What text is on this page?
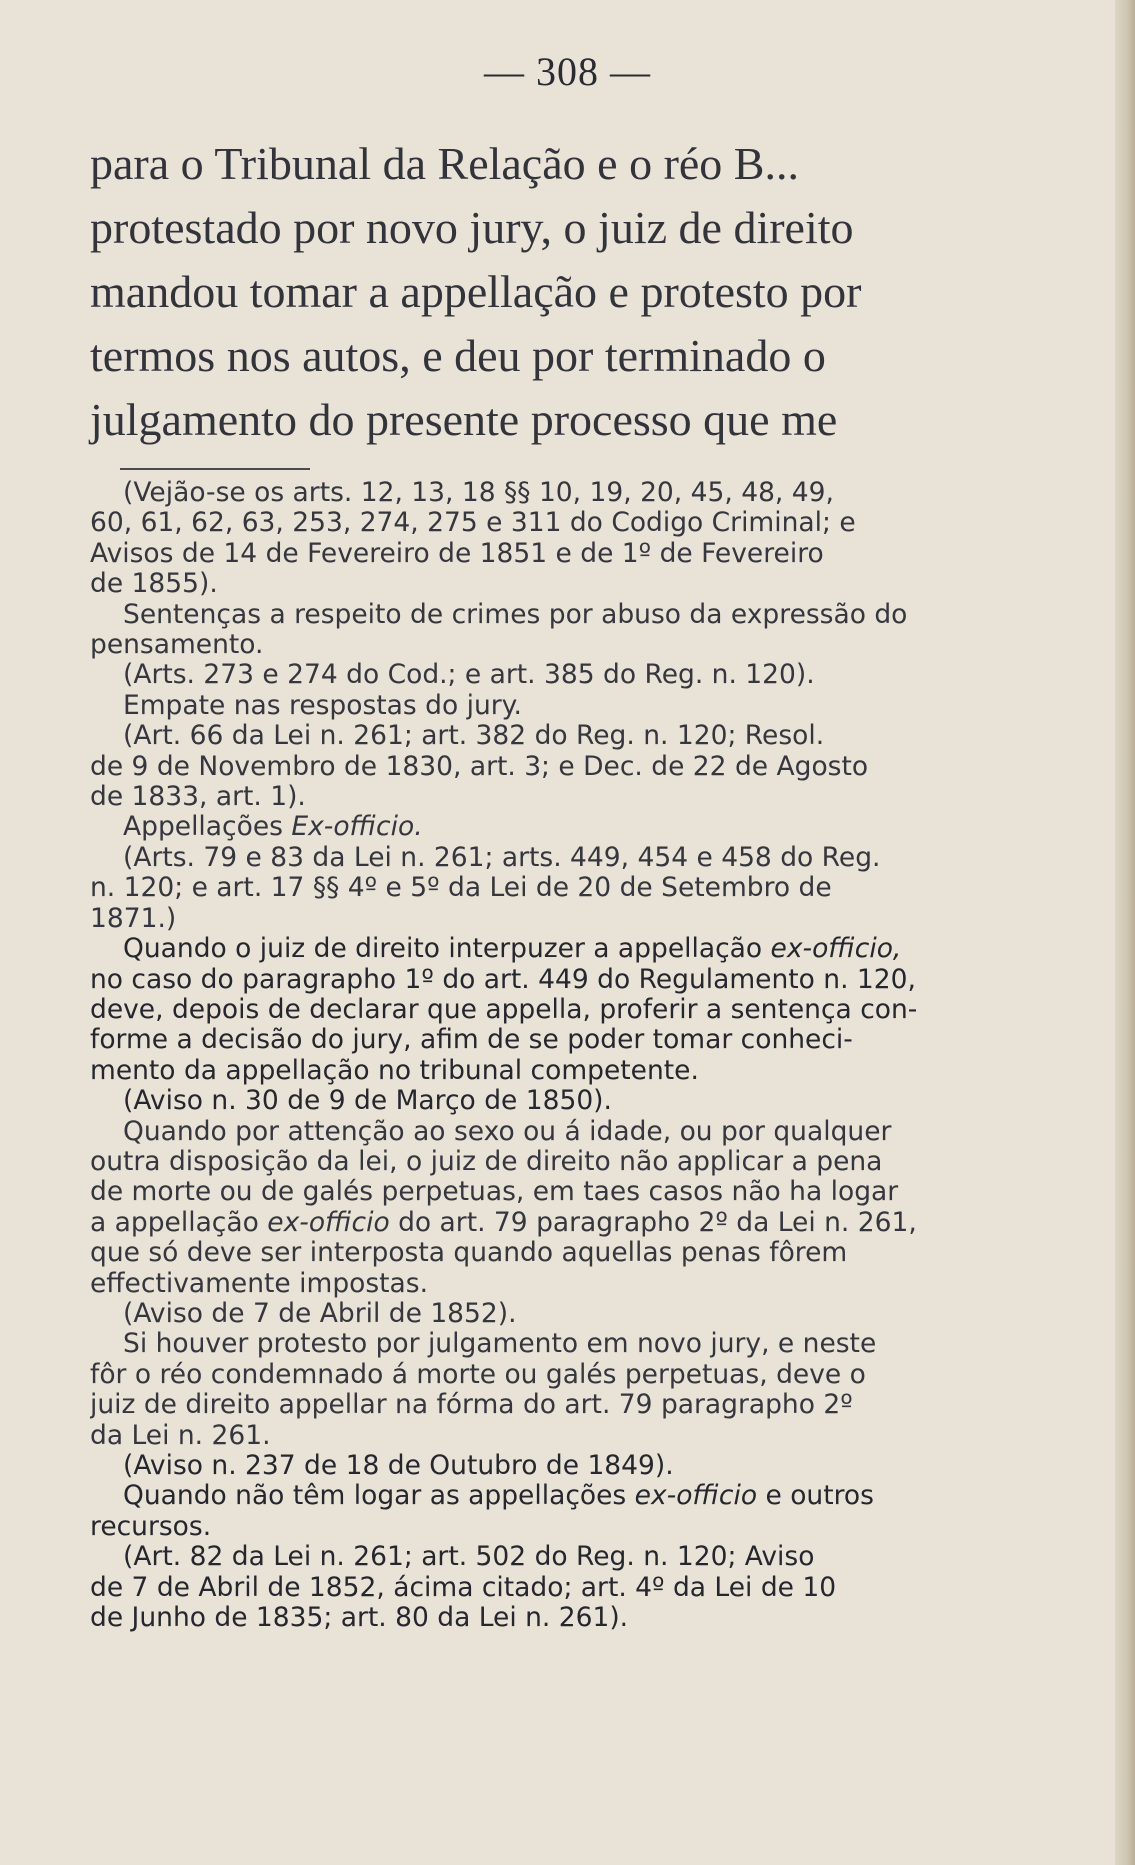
— 308 —
para o Tribunal da Relação e o réo B...
protestado por novo jury, o juiz de direito
mandou tomar a appellação e protesto por
termos nos autos, e deu por terminado o
julgamento do presente processo que me
(Vejão-se os arts. 12, 13, 18 §§ 10, 19, 20, 45, 48, 49,
60, 61, 62, 63, 253, 274, 275 e 311 do Codigo Criminal; e
Avisos de 14 de Fevereiro de 1851 e de 1º de Fevereiro
de 1855).
Sentenças a respeito de crimes por abuso da expressão do
pensamento.
(Arts. 273 e 274 do Cod.; e art. 385 do Reg. n. 120).
Empate nas respostas do jury.
(Art. 66 da Lei n. 261; art. 382 do Reg. n. 120; Resol.
de 9 de Novembro de 1830, art. 3; e Dec. de 22 de Agosto
de 1833, art. 1).
Appellações Ex-officio.
(Arts. 79 e 83 da Lei n. 261; arts. 449, 454 e 458 do Reg.
n. 120; e art. 17 §§ 4º e 5º da Lei de 20 de Setembro de
1871.)
Quando o juiz de direito interpuzer a appellação ex-officio,
no caso do paragrapho 1º do art. 449 do Regulamento n. 120,
deve, depois de declarar que appella, proferir a sentença con-
forme a decisão do jury, afim de se poder tomar conheci-
mento da appellação no tribunal competente.
(Aviso n. 30 de 9 de Março de 1850).
Quando por attenção ao sexo ou á idade, ou por qualquer
outra disposição da lei, o juiz de direito não applicar a pena
de morte ou de galés perpetuas, em taes casos não ha logar
a appellação ex-officio do art. 79 paragrapho 2º da Lei n. 261,
que só deve ser interposta quando aquellas penas fôrem
effectivamente impostas.
(Aviso de 7 de Abril de 1852).
Si houver protesto por julgamento em novo jury, e neste
fôr o réo condemnado á morte ou galés perpetuas, deve o
juiz de direito appellar na fórma do art. 79 paragrapho 2º
da Lei n. 261.
(Aviso n. 237 de 18 de Outubro de 1849).
Quando não têm logar as appellações ex-officio e outros
recursos.
(Art. 82 da Lei n. 261; art. 502 do Reg. n. 120; Aviso
de 7 de Abril de 1852, ácima citado; art. 4º da Lei de 10
de Junho de 1835; art. 80 da Lei n. 261).
